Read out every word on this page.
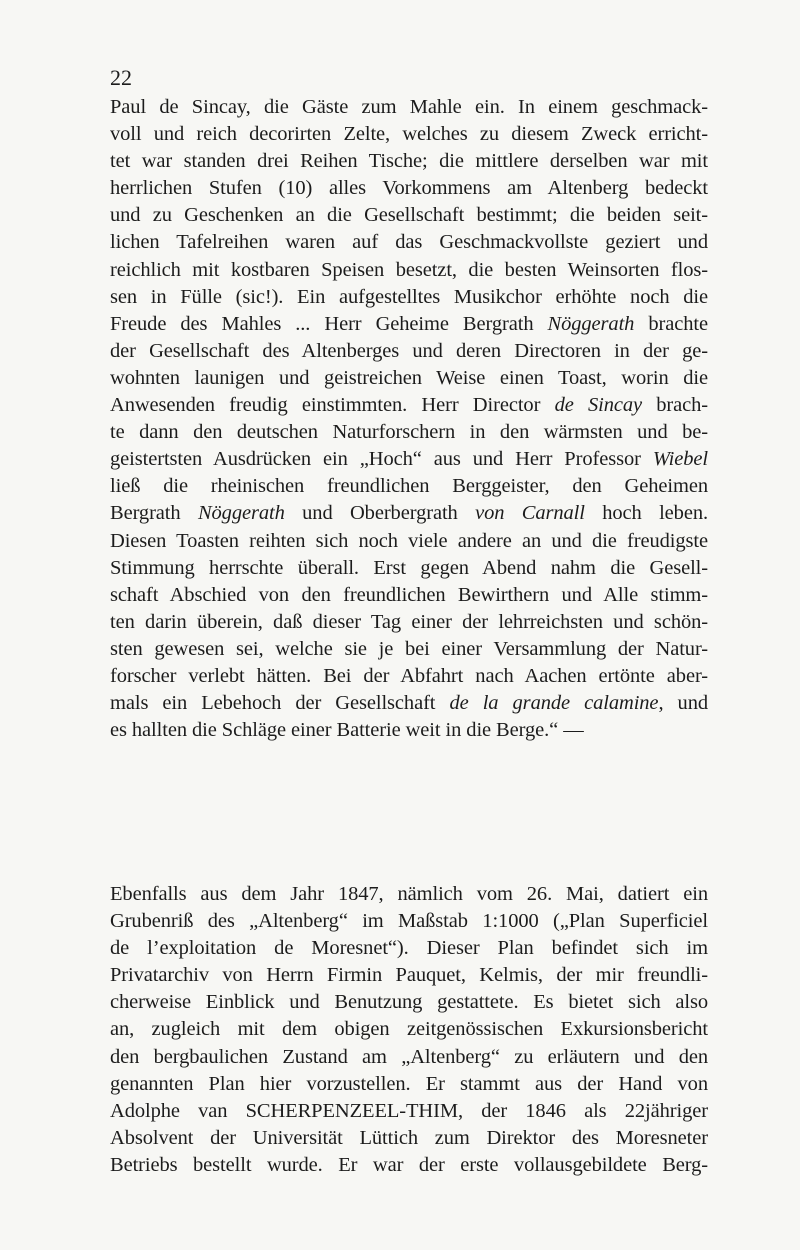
22
Paul de Sincay, die Gäste zum Mahle ein. In einem geschmack-
voll und reich decorirten Zelte, welches zu diesem Zweck erricht-
tet war standen drei Reihen Tische; die mittlere derselben war mit
herrlichen Stufen (10) alles Vorkommens am Altenberg bedeckt
und zu Geschenken an die Gesellschaft bestimmt; die beiden seit-
lichen Tafelreihen waren auf das Geschmackvollste geziert und
reichlich mit kostbaren Speisen besetzt, die besten Weinsorten flos-
sen in Fülle (sic!). Ein aufgestelltes Musikchor erhöhte noch die
Freude des Mahles ... Herr Geheime Bergrath Nöggerath brachte
der Gesellschaft des Altenberges und deren Directoren in der ge-
wohnten launigen und geistreichen Weise einen Toast, worin die
Anwesenden freudig einstimmten. Herr Director de Sincay brach-
te dann den deutschen Naturforschern in den wärmsten und be-
geistertsten Ausdrücken ein „Hoch“ aus und Herr Professor Wiebel
ließ die rheinischen freundlichen Berggeister, den Geheimen
Bergrath Nöggerath und Oberbergrath von Carnall hoch leben.
Diesen Toasten reihten sich noch viele andere an und die freudigste
Stimmung herrschte überall. Erst gegen Abend nahm die Gesell-
schaft Abschied von den freundlichen Bewirthern und Alle stimm-
ten darin überein, daß dieser Tag einer der lehrreichsten und schön-
sten gewesen sei, welche sie je bei einer Versammlung der Natur-
forscher verlebt hätten. Bei der Abfahrt nach Aachen ertönte aber-
mals ein Lebehoch der Gesellschaft de la grande calamine, und
es hallten die Schläge einer Batterie weit in die Berge.“ —
Ebenfalls aus dem Jahr 1847, nämlich vom 26. Mai, datiert ein
Grubenriß des „Altenberg“ im Maßstab 1:1000 („Plan Superficiel
de l’exploitation de Moresnet“). Dieser Plan befindet sich im
Privatarchiv von Herrn Firmin Pauquet, Kelmis, der mir freundli-
cherweise Einblick und Benutzung gestattete. Es bietet sich also
an, zugleich mit dem obigen zeitgenössischen Exkursionsbericht
den bergbaulichen Zustand am „Altenberg“ zu erläutern und den
genannten Plan hier vorzustellen. Er stammt aus der Hand von
Adolphe van SCHERPENZEEL-THIM, der 1846 als 22jähriger
Absolvent der Universität Lüttich zum Direktor des Moresneter
Betriebs bestellt wurde. Er war der erste vollausgebildete Berg-
